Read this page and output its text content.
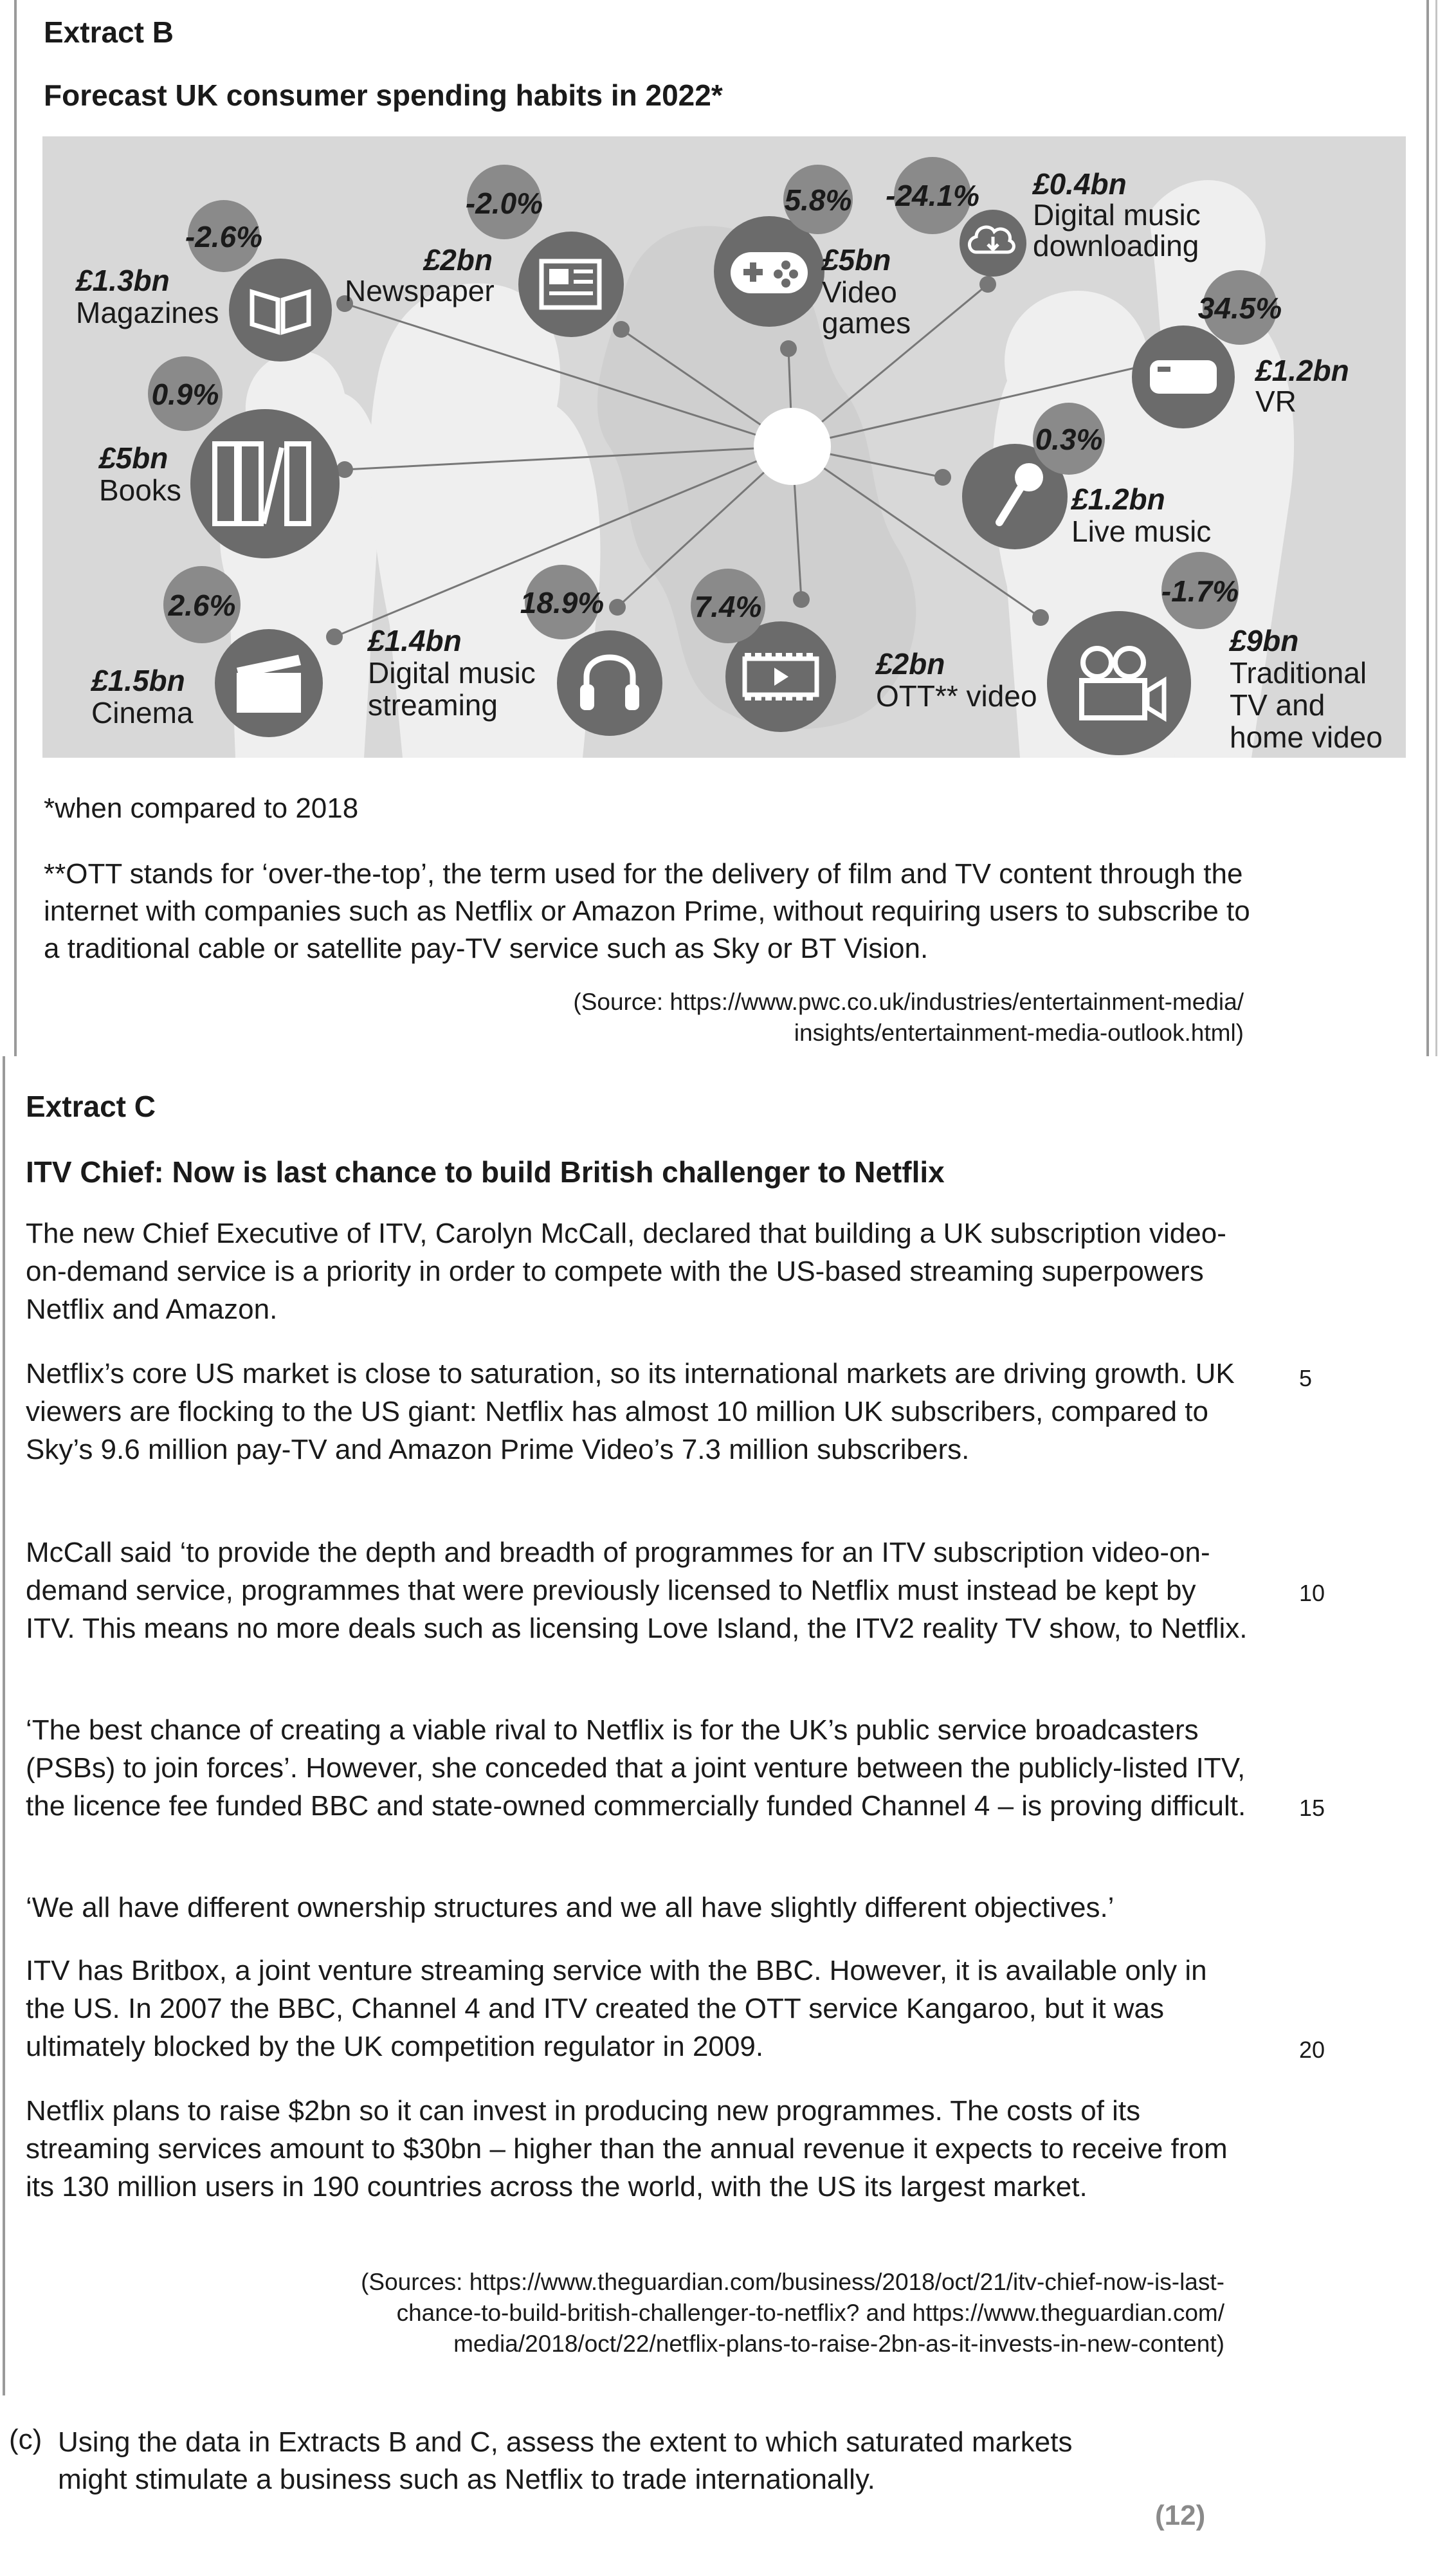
Extract B
Forecast UK consumer spending habits in 2022*
-2.6%
£1.3bn
Magazines
-2.0%
£2bn
Newspaper
5.8%
£5bn
Video
games
-24.1% £0.4bn
Digital music
downloading
34.5%
£1.2bn
VR
0.9%
£5bn
Books
0.3%
£1.2bn
Live music
2.6%
£1.5bn
Cinema
18.9%
£1.4bn
Digital music
streaming
7.4%
£2bn
OTT** video
-1.7%
£9bn
Traditional
TV and
home video
*when compared to 2018
**OTT stands for ‘over-the-top’, the term used for the delivery of film and TV content through the internet with companies such as Netflix or Amazon Prime, without requiring users to subscribe to a traditional cable or satellite pay-TV service such as Sky or BT Vision.
(Source: https://www.pwc.co.uk/industries/entertainment-media/
insights/entertainment-media-outlook.html)
Extract C
ITV Chief: Now is last chance to build British challenger to Netflix
The new Chief Executive of ITV, Carolyn McCall, declared that building a UK subscription video-on-demand service is a priority in order to compete with the US-based streaming superpowers Netflix and Amazon.
Netflix’s core US market is close to saturation, so its international markets are driving growth. UK viewers are flocking to the US giant: Netflix has almost 10 million UK subscribers, compared to Sky’s 9.6 million pay-TV and Amazon Prime Video’s 7.3 million subscribers.
McCall said ‘to provide the depth and breadth of programmes for an ITV subscription video-on-demand service, programmes that were previously licensed to Netflix must instead be kept by ITV. This means no more deals such as licensing Love Island, the ITV2 reality TV show, to Netflix.
‘The best chance of creating a viable rival to Netflix is for the UK’s public service broadcasters (PSBs) to join forces’. However, she conceded that a joint venture between the publicly-listed ITV, the licence fee funded BBC and state-owned commercially funded Channel 4 – is proving difficult.
‘We all have different ownership structures and we all have slightly different objectives.’
ITV has Britbox, a joint venture streaming service with the BBC. However, it is available only in the US. In 2007 the BBC, Channel 4 and ITV created the OTT service Kangaroo, but it was ultimately blocked by the UK competition regulator in 2009.
Netflix plans to raise $2bn so it can invest in producing new programmes. The costs of its streaming services amount to $30bn – higher than the annual revenue it expects to receive from its 130 million users in 190 countries across the world, with the US its largest market.
5
10
15
20
(Sources: https://www.theguardian.com/business/2018/oct/21/itv-chief-now-is-last-
chance-to-build-british-challenger-to-netflix? and https://www.theguardian.com/
media/2018/oct/22/netflix-plans-to-raise-2bn-as-it-invests-in-new-content)
(c) Using the data in Extracts B and C, assess the extent to which saturated markets
might stimulate a business such as Netflix to trade internationally.
(12)
